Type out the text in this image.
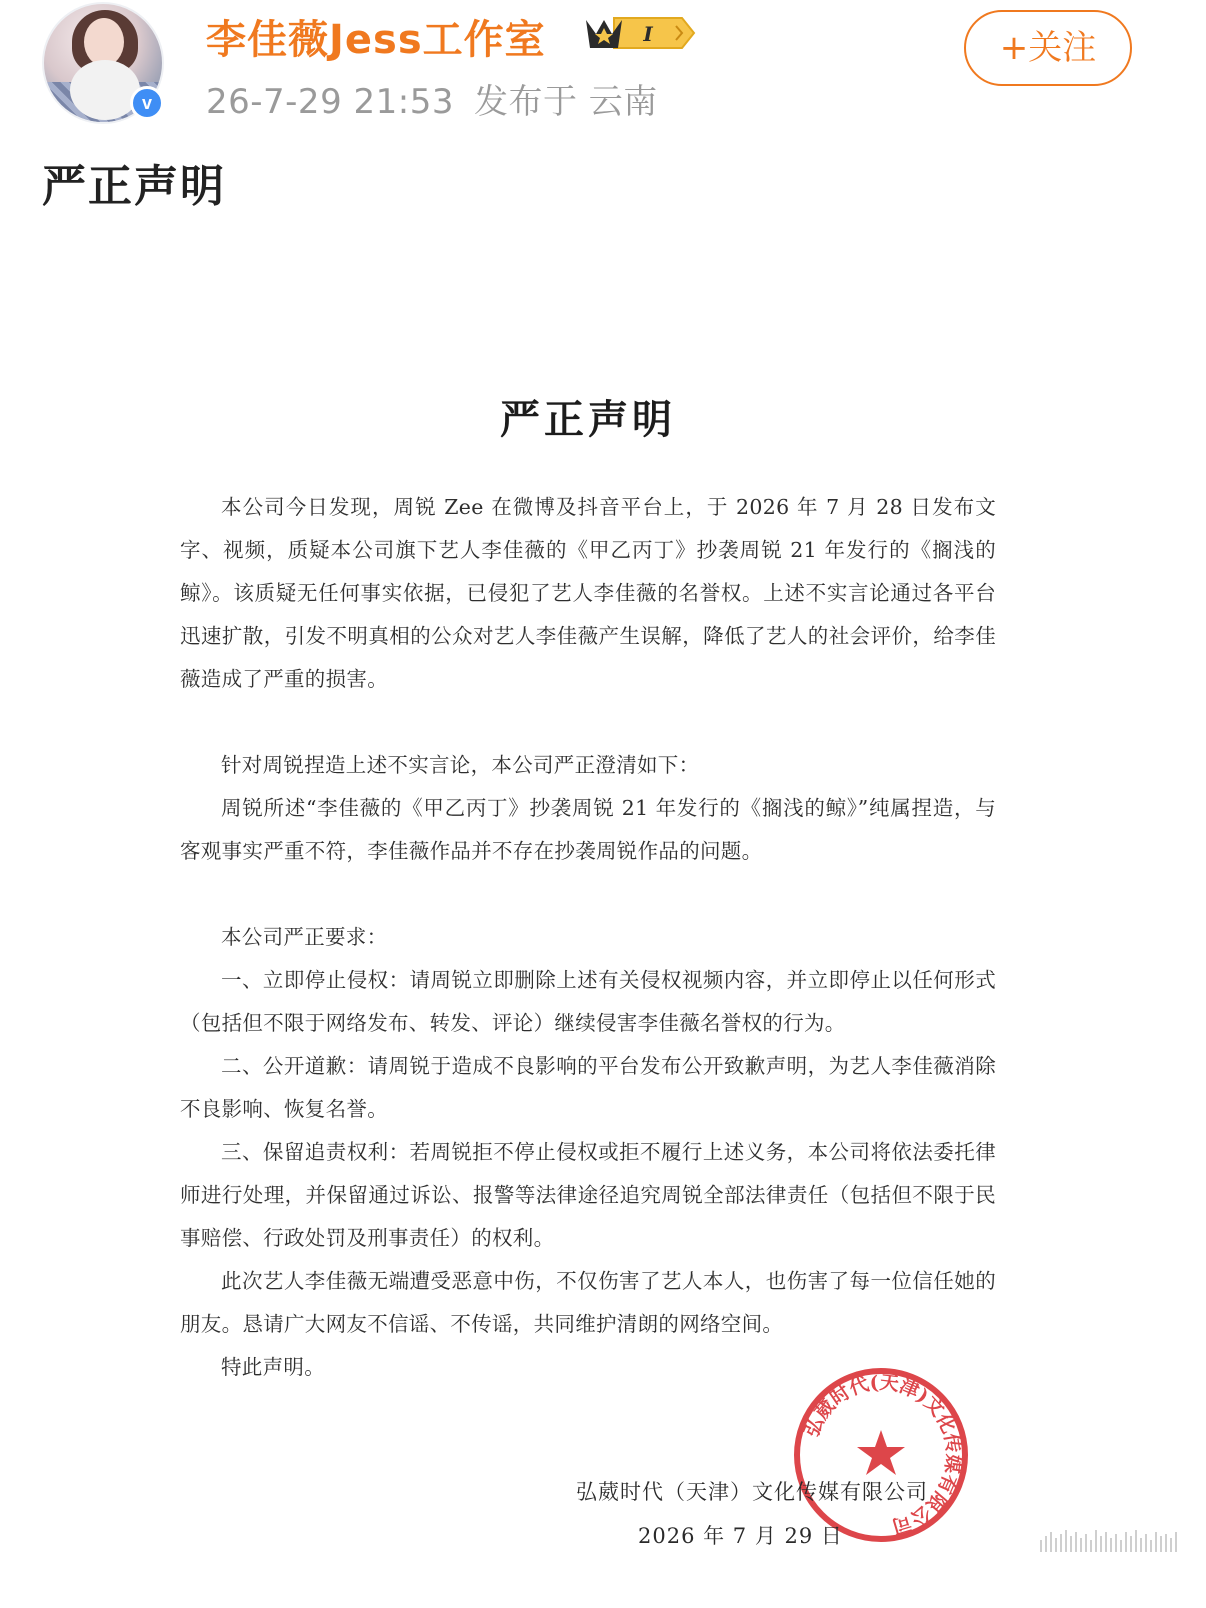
v
李佳薇Jess工作室	I
26-7-29 21:53 发布于 云南
+关注
严正声明
严正声明

本公司今日发现，周锐 Zee 在微博及抖音平台上，于 2026 年 7 月 28 日发布文字、视频，质疑本公司旗下艺人李佳薇的《甲乙丙丁》抄袭周锐 21 年发行的《搁浅的鲸》。该质疑无任何事实依据，已侵犯了艺人李佳薇的名誉权。上述不实言论通过各平台迅速扩散，引发不明真相的公众对艺人李佳薇产生误解，降低了艺人的社会评价，给李佳薇造成了严重的损害。

针对周锐捏造上述不实言论，本公司严正澄清如下：

周锐所述“李佳薇的《甲乙丙丁》抄袭周锐 21 年发行的《搁浅的鲸》”纯属捏造，与客观事实严重不符，李佳薇作品并不存在抄袭周锐作品的问题。

本公司严正要求：

一、立即停止侵权：请周锐立即删除上述有关侵权视频内容，并立即停止以任何形式（包括但不限于网络发布、转发、评论）继续侵害李佳薇名誉权的行为。

二、公开道歉：请周锐于造成不良影响的平台发布公开致歉声明，为艺人李佳薇消除不良影响、恢复名誉。

三、保留追责权利：若周锐拒不停止侵权或拒不履行上述义务，本公司将依法委托律师进行处理，并保留通过诉讼、报警等法律途径追究周锐全部法律责任（包括但不限于民事赔偿、行政处罚及刑事责任）的权利。

此次艺人李佳薇无端遭受恶意中伤，不仅伤害了艺人本人，也伤害了每一位信任她的朋友。恳请广大网友不信谣、不传谣，共同维护清朗的网络空间。

特此声明。

弘葳时代(天津)文化传媒有限公司
弘葳时代（天津）文化传媒有限公司
2026 年 7 月 29 日
